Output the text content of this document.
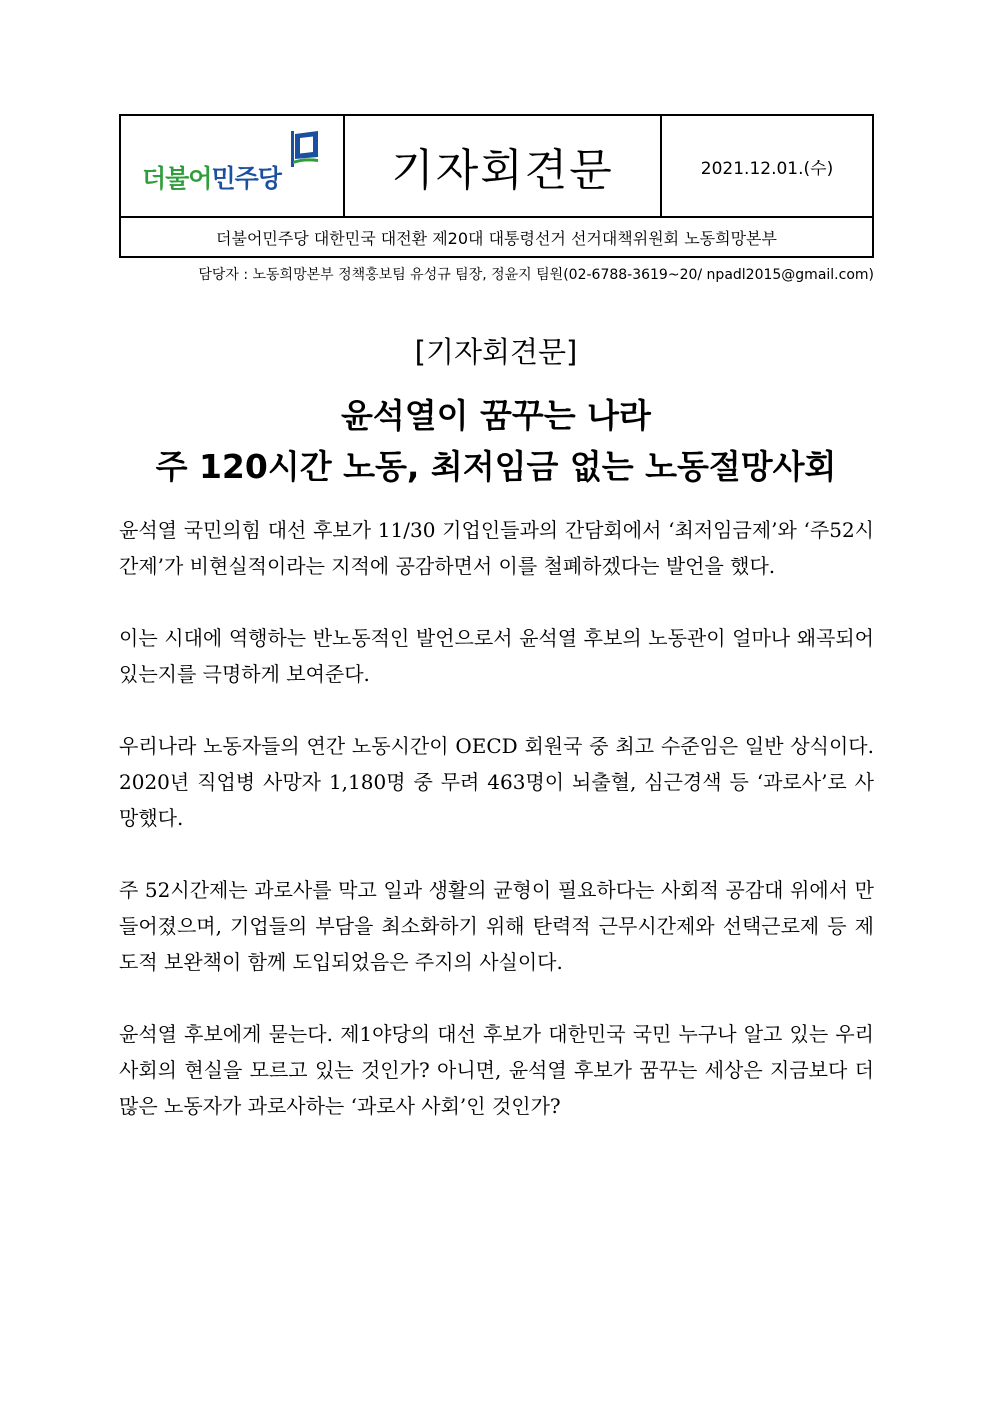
더불어민주당	기자회견문	2021.12.01.(수)
더불어민주당 대한민국 대전환 제20대 대통령선거 선거대책위원회 노동희망본부
담당자 : 노동희망본부 정책홍보팀 유성규 팀장, 정윤지 팀원(02-6788-3619~20/ npadl2015@gmail.com)
[기자회견문]
윤석열이 꿈꾸는 나라
주 120시간 노동, 최저임금 없는 노동절망사회

윤석열 국민의힘 대선 후보가 11/30 기업인들과의 간담회에서 ‘최저임금제’와 ‘주52시간제’가 비현실적이라는 지적에 공감하면서 이를 철폐하겠다는 발언을 했다.

이는 시대에 역행하는 반노동적인 발언으로서 윤석열 후보의 노동관이 얼마나 왜곡되어 있는지를 극명하게 보여준다.

우리나라 노동자들의 연간 노동시간이 OECD 회원국 중 최고 수준임은 일반 상식이다. 2020년 직업병 사망자 1,180명 중 무려 463명이 뇌출혈, 심근경색 등 ‘과로사’로 사망했다.

주 52시간제는 과로사를 막고 일과 생활의 균형이 필요하다는 사회적 공감대 위에서 만들어졌으며, 기업들의 부담을 최소화하기 위해 탄력적 근무시간제와 선택근로제 등 제도적 보완책이 함께 도입되었음은 주지의 사실이다.

윤석열 후보에게 묻는다. 제1야당의 대선 후보가 대한민국 국민 누구나 알고 있는 우리 사회의 현실을 모르고 있는 것인가? 아니면, 윤석열 후보가 꿈꾸는 세상은 지금보다 더 많은 노동자가 과로사하는 ‘과로사 사회’인 것인가?
